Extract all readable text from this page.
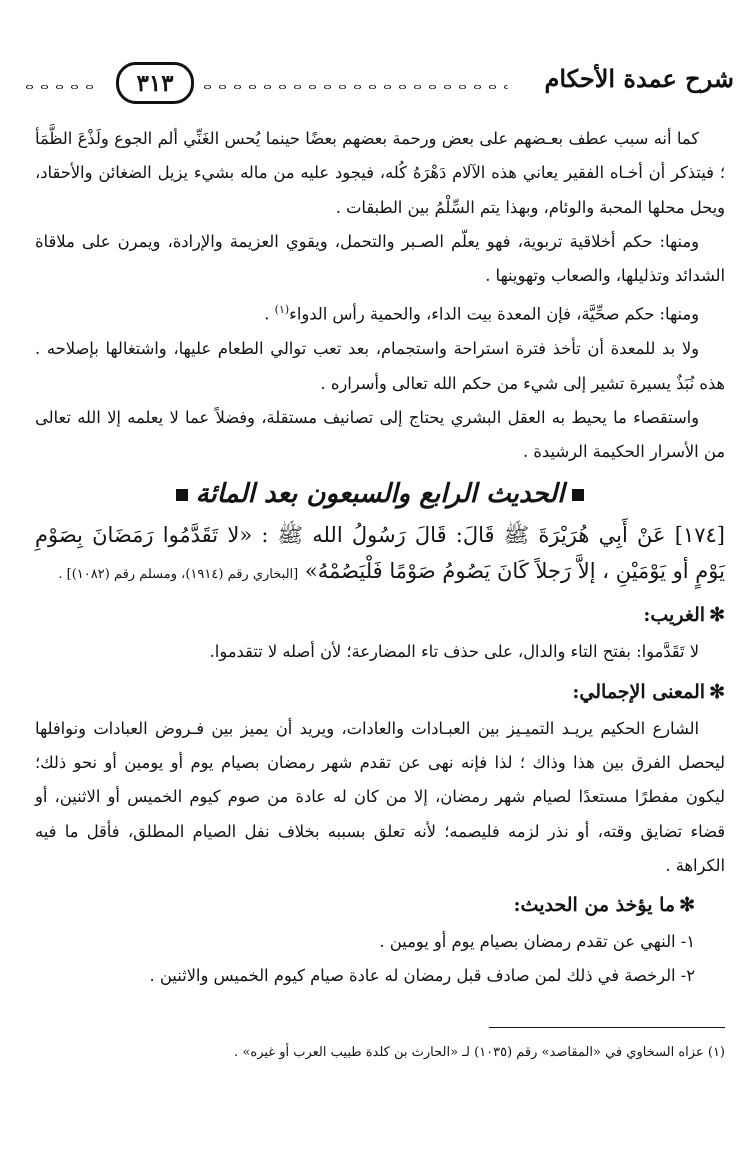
٣١٣	شرح عمدة الأحكام

كما أنه سبب عطف بعـضهم على بعض ورحمة بعضهم بعضًا حينما يُحس الغَنِّي ألم الجوع ولَذْعَ الظَّمَأ ؛ فيتذكر أن أخـاه الفقير يعاني هذه الآلام دَهْرَهُ كُله، فيجود عليه من ماله بشيء يزيل الضغائن والأحقاد، ويحل محلها المحبة والوئام، وبهذا يتم السِّلْمُ بين الطبقات .

ومنها: حكم أخلاقية تربوية، فهو يعلّم الصـبر والتحمل، ويقوي العزيمة والإرادة، ويمرن على ملاقاة الشدائد وتذليلها، والصعاب وتهوينها .

ومنها: حكم صحِّيَّة، فإن المعدة بيت الداء، والحمية رأس الدواء$^{(١)}$ .

ولا بد للمعدة أن تأخذ فترة استراحة واستجمام، بعد تعب توالي الطعام عليها، واشتغالها بإصلاحه . هذه نُبَذٌ يسيرة تشير إلى شيء من حكم الله تعالى وأسراره .

واستقصاء ما يحيط به العقل البشري يحتاج إلى تصانيف مستقلة، وفضلاً عما لا يعلمه إلا الله تعالى من الأسرار الحكيمة الرشيدة .

الحديث الرابع والسبعون بعد المائة

[١٧٤] عَنْ أَبِي هُرَيْرَةَ ﷺ قَالَ: قَالَ رَسُولُ الله ﷺ : «لا تَقَدَّمُوا رَمَضَانَ بِصَوْمِ يَوْمٍ أو يَوْمَيْنِ ، إلاَّ رَجلاً كَانَ يَصُومُ صَوْمًا فَلْيَصُمْهُ» [البخاري رقم (١٩١٤)، ومسلم رقم (١٠٨٢)] .

✻الغريب:

لا تَقَدَّموا: بفتح التاء والدال، على حذف تاء المضارعة؛ لأن أصله لا تتقدموا.

✻المعنى الإجمالي:

الشارع الحكيم يريـد التميـيز بين العبـادات والعادات، ويريد أن يميز بين فـروض العبادات ونوافلها ليحصل الفرق بين هذا وذاك ؛ لذا فإنه نهى عن تقدم شهر رمضان بصيام يوم أو يومين أو نحو ذلك؛ ليكون مفطرًا مستعدًا لصيام شهر رمضان، إلا من كان له عادة من صوم كيوم الخميس أو الاثنين، أو قضاء تضايق وقته، أو نذر لزمه فليصمه؛ لأنه تعلق بسببه بخلاف نفل الصيام المطلق، فأقل ما فيه الكراهة .

✻ما يؤخذ من الحديث:

١- النهي عن تقدم رمضان بصيام يوم أو يومين .

٢- الرخصة في ذلك لمن صادف قبل رمضان له عادة صيام كيوم الخميس والاثنين .

(١) عزاه السخاوي في «المقاصد» رقم (١٠٣٥) لـ «الحارث بن كلدة طبيب العرب أو غيره» .
